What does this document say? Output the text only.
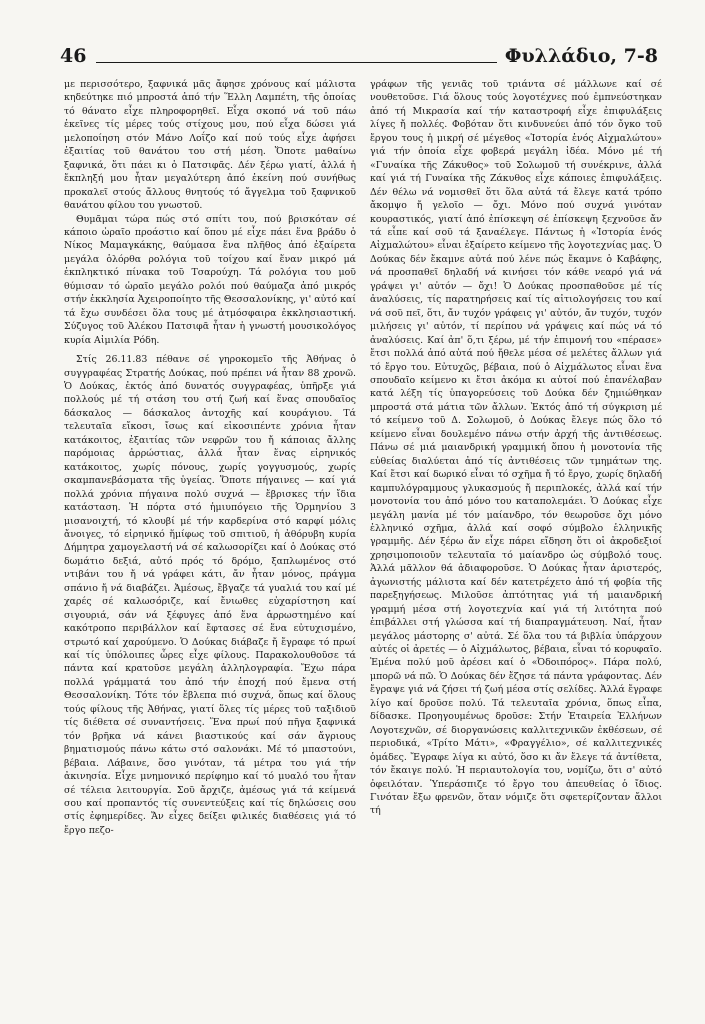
46	Φυλλάδιο, 7-8

με περισσότερο, ξαφνικά μᾶς ἄφησε χρόνους καί μάλιστα κηδεύτηκε πιό μπροστά ἀπό τήν Ἕλλη Λαμπέτη, τῆς ὁποίας τό θάνατο εἶχε πληροφορηθεῖ. Εἶχα σκοπό νά τοῦ πάω ἐκεῖνες τίς μέρες τούς στίχους μου, πού εἶχα δώσει γιά μελοποίηση στόν Μάνο Λοΐζο καί πού τούς εἶχε ἀφήσει ἐξαιτίας τοῦ θανάτου του στή μέση. Ὅποτε μαθαίνω ξαφνικά, ὅτι πάει κι ὁ Πατσιφᾶς. Δέν ξέρω γιατί, ἀλλά ἡ ἔκπληξή μου ἦταν μεγαλύτερη ἀπό ἐκείνη πού συνήθως προκαλεῖ στούς ἄλλους θνητούς τό ἄγγελμα τοῦ ξαφνικοῦ θανάτου φίλου του γνωστοῦ.

Θυμᾶμαι τώρα πώς στό σπίτι του, πού βρισκόταν σέ κάποιο ὡραῖο προάστιο καί ὅπου μέ εἶχε πάει ἕνα βράδυ ὁ Νίκος Μαμαγκάκης, θαύμασα ἕνα πλῆθος ἀπό ἐξαίρετα μεγάλα ὁλόρθα ρολόγια τοῦ τοίχου καί ἕναν μικρό μά ἐκπληκτικό πίνακα τοῦ Τσαρούχη. Τά ρολόγια του μοῦ θύμισαν τό ὡραῖο μεγάλο ρολόι πού θαύμαζα ἀπό μικρός στήν ἐκκλησία Ἀχειροποίητο τῆς Θεσσαλονίκης, γι' αὐτό καί τά ἔχω συνδέσει ὅλα τους μέ ἀτμόσφαιρα ἐκκλησιαστική. Σύζυγος τοῦ Ἀλέκου Πατσιφᾶ ἦταν ἡ γνωστή μουσικολόγος κυρία Αἰμιλία Ρόδη.

Στίς 26.11.83 πέθανε σέ γηροκομεῖο τῆς Ἀθήνας ὁ συγγραφέας Στρατής Δούκας, πού πρέπει νά ἦταν 88 χρονῶ. Ὁ Δούκας, ἐκτός ἀπό δυνατός συγγραφέας, ὑπῆρξε γιά πολλούς μέ τή στάση του στή ζωή καί ἕνας σπουδαῖος δάσκαλος — δάσκαλος ἀντοχῆς καί κουράγιου. Τά τελευταῖα εἴκοσι, ἴσως καί εἰκοσιπέντε χρόνια ἦταν κατάκοιτος, ἐξαιτίας τῶν νεφρῶν του ἤ κάποιας ἄλλης παρόμοιας ἀρρώστιας, ἀλλά ἦταν ἕνας εἰρηνικός κατάκοιτος, χωρίς πόνους, χωρίς γογγυσμούς, χωρίς σκαμπανεβάσματα τῆς ὑγείας. Ὅποτε πήγαινες — καί γιά πολλά χρόνια πήγαινα πολύ συχνά — ἔβρισκες τήν ἴδια κατάσταση. Ἡ πόρτα στό ἡμιυπόγειο τῆς Ὁρμηνίου 3 μισανοιχτή, τό κλουβί μέ τήν καρδερίνα στό καρφί μόλις ἄνοιγες, τό εἰρηνικό ἥμίφως τοῦ σπιτιοῦ, ἡ ἀθόρυβη κυρία Δήμητρα χαμογελαστή νά σέ καλωσορίζει καί ὁ Δούκας στό δωμάτιο δεξιά, αὐτό πρός τό δρόμο, ξαπλωμένος στό ντιβάνι του ἤ νά γράφει κάτι, ἄν ἦταν μόνος, πράγμα σπάνιο ἤ νά διαβάζει. Ἀμέσως, ἔβγαζε τά γυαλιά του καί μέ χαρές σέ καλωσόριζε, καί ἔνιωθες εὐχαρίστηση καί σιγουριά, σάν νά ξέφυγες ἀπό ἕνα ἀρρωστημένο καί κακότροπο περιβάλλον καί ἔφτασες σέ ἕνα εὐτυχισμένο, στρωτό καί χαρούμενο. Ὁ Δούκας διάβαζε ἤ ἔγραφε τό πρωί καί τίς ὑπόλοιπες ὧρες εἶχε φίλους. Παρακολουθοῦσε τά πάντα καί κρατοῦσε μεγάλη ἀλληλογραφία. Ἔχω πάρα πολλά γράμματά του ἀπό τήν ἐποχή πού ἔμενα στή Θεσσαλονίκη. Τότε τόν ἔβλεπα πιό συχνά, ὅπως καί ὅλους τούς φίλους τῆς Ἀθήνας, γιατί ὅλες τίς μέρες τοῦ ταξιδιοῦ τίς διέθετα σέ συναντήσεις. Ἕνα πρωί πού πῆγα ξαφνικά τόν βρῆκα νά κάνει βιαστικούς καί σάν ἄγριους βηματισμούς πάνω κάτω στό σαλονάκι. Μέ τό μπαστούνι, βέβαια. Λάβαινε, ὅσο γινόταν, τά μέτρα του γιά τήν ἀκινησία. Εἶχε μνημονικό περίφημο καί τό μυαλό του ἦταν σέ τέλεια λειτουργία. Σοῦ ἄρχιζε, ἀμέσως γιά τά κείμενά σου καί προπαντός τίς συνεντεύξεις καί τίς δηλώσεις σου στίς ἐφημερίδες. Ἄν εἶχες δείξει φιλικές διαθέσεις γιά τό ἔργο πεζο-

γράφων τῆς γενιᾶς τοῦ τριάντα σέ μάλλωνε καί σέ νουθετοῦσε. Γιά ὅλους τούς λογοτέχνες πού ἐμπνεύστηκαν ἀπό τή Μικρασία καί τήν καταστροφή εἶχε ἐπιφυλάξεις λίγες ἤ πολλές. Φοβόταν ὅτι κινδυνεύει ἀπό τόν ὄγκο τοῦ ἔργου τους ἡ μικρή σέ μέγεθος «Ἱστορία ἑνός Αἰχμαλώτου» γιά τήν ὁποία εἶχε φοβερά μεγάλη ἰδέα. Μόνο μέ τή «Γυναίκα τῆς Ζάκυθος» τοῦ Σολωμοῦ τή συνέκρινε, ἀλλά καί γιά τή Γυναίκα τῆς Ζάκυθος εἶχε κάποιες ἐπιφυλάξεις. Δέν θέλω νά νομισθεῖ ὅτι ὅλα αὐτά τά ἔλεγε κατά τρόπο ἄκομψο ἤ γελοῖο — ὄχι. Μόνο πού συχνά γινόταν κουραστικός, γιατί ἀπό ἐπίσκεψη σέ ἐπίσκεψη ξεχνοῦσε ἄν τά εἶπε καί σοῦ τά ξαναέλεγε. Πάντως ἡ «Ἱστορία ἑνός Αἰχμαλώτου» εἶναι ἐξαίρετο κείμενο τῆς λογοτεχνίας μας. Ὁ Δούκας δέν ἔκαμνε αὐτά πού λένε πώς ἔκαμνε ὁ Καβάφης, νά προσπαθεῖ δηλαδή νά κινήσει τόν κάθε νεαρό γιά νά γράψει γι' αὐτόν — ὄχι! Ὁ Δούκας προσπαθοῦσε μέ τίς ἀναλύσεις, τίς παρατηρήσεις καί τίς αἰτιολογήσεις του καί νά σοῦ πεῖ, ὅτι, ἄν τυχόν γράφεις γι' αὐτόν, ἄν τυχόν, τυχόν μιλήσεις γι' αὐτόν, τί περίπου νά γράψεις καί πώς νά τό ἀναλύσεις. Καί ἀπ' ὅ,τι ξέρω, μέ τήν ἐπιμονή του «πέρασε» ἔτσι πολλά ἀπό αὐτά πού ἤθελε μέσα σέ μελέτες ἄλλων γιά τό ἔργο του. Εὐτυχῶς, βέβαια, πού ὁ Αἰχμάλωτος εἶναι ἕνα σπουδαῖο κείμενο κι ἔτσι ἀκόμα κι αὐτοί πού ἐπανέλαβαν κατά λέξη τίς ὑπαγορεύσεις τοῦ Δούκα δέν ζημιώθηκαν μπροστά στά μάτια τῶν ἄλλων. Ἐκτός ἀπό τή σύγκριση μέ τό κείμενο τοῦ Δ. Σολωμοῦ, ὁ Δούκας ἔλεγε πώς ὅλο τό κείμενο εἶναι δουλεμένο πάνω στήν ἀρχή τῆς ἀντιθέσεως. Πάνω σέ μιά μαιανδρική γραμμική ὅπου ἡ μονοτονία τῆς εὐθείας διαλύεται ἀπό τίς ἀντιθέσεις τῶν τμημάτων της. Καί ἔτσι καί δωρικό εἶναι τό σχῆμα ἤ τό ἔργο, χωρίς δηλαδή καμπυλόγραμμους γλυκασμούς ἤ περιπλοκές, ἀλλά καί τήν μονοτονία του ἀπό μόνο του καταπολεμάει. Ὁ Δούκας εἶχε μεγάλη μανία μέ τόν μαίανδρο, τόν θεωροῦσε ὄχι μόνο ἑλληνικό σχῆμα, ἀλλά καί σοφό σύμβολο ἑλληνικῆς γραμμῆς. Δέν ξέρω ἄν εἶχε πάρει εἴδηση ὅτι οἱ ἀκροδεξιοί χρησιμοποιοῦν τελευταῖα τό μαίανδρο ὡς σύμβολό τους. Ἀλλά μᾶλλον θά ἀδιαφοροῦσε. Ὁ Δούκας ἦταν ἀριστερός, ἀγωνιστής μάλιστα καί δέν κατετρέχετο ἀπό τή φοβία τῆς παρεξηγήσεως. Μιλοῦσε ἀπτότητας γιά τή μαιανδρική γραμμή μέσα στή λογοτεχνία καί γιά τή λιτότητα πού ἐπιβάλλει στή γλώσσα καί τή διαπραγμάτευση. Ναί, ἦταν μεγάλος μάστορης σ' αὐτά. Σέ ὅλα του τά βιβλία ὑπάρχουν αὐτές οἱ ἀρετές — ὁ Αἰχμάλωτος, βέβαια, εἶναι τό κορυφαῖο. Ἐμένα πολύ μοῦ ἀρέσει καί ὁ «Ὀδοιπόρος». Πάρα πολύ, μπορῶ νά πῶ. Ὁ Δούκας δέν ἔζησε τά πάντα γράφοντας. Δέν ἔγραψε γιά νά ζήσει τή ζωή μέσα στίς σελίδες. Ἀλλά ἔγραφε λίγο καί δροῦσε πολύ. Τά τελευταῖα χρόνια, ὅπως εἶπα, δίδασκε. Προηγουμένως δροῦσε: Στήν Ἑταιρεία Ἑλλήνων Λογοτεχνῶν, σέ διοργανώσεις καλλιτεχνικῶν ἐκθέσεων, σέ περιοδικά, «Τρίτο Μάτι», «Φραγγέλιο», σέ καλλιτεχνικές ὁμάδες. Ἔγραφε λίγα κι αὐτό, ὅσο κι ἄν ἔλεγε τά ἀντίθετα, τόν ἔκαιγε πολύ. Ἡ περιαυτολογία του, νομίζω, ὅτι σ' αὐτό ὀφειλόταν. Ὑπεράσπιζε τό ἔργο του ἀπευθείας ὁ ἴδιος. Γινόταν ἔξω φρενῶν, ὅταν νόμιζε ὅτι σφετερίζονταν ἄλλοι τή
